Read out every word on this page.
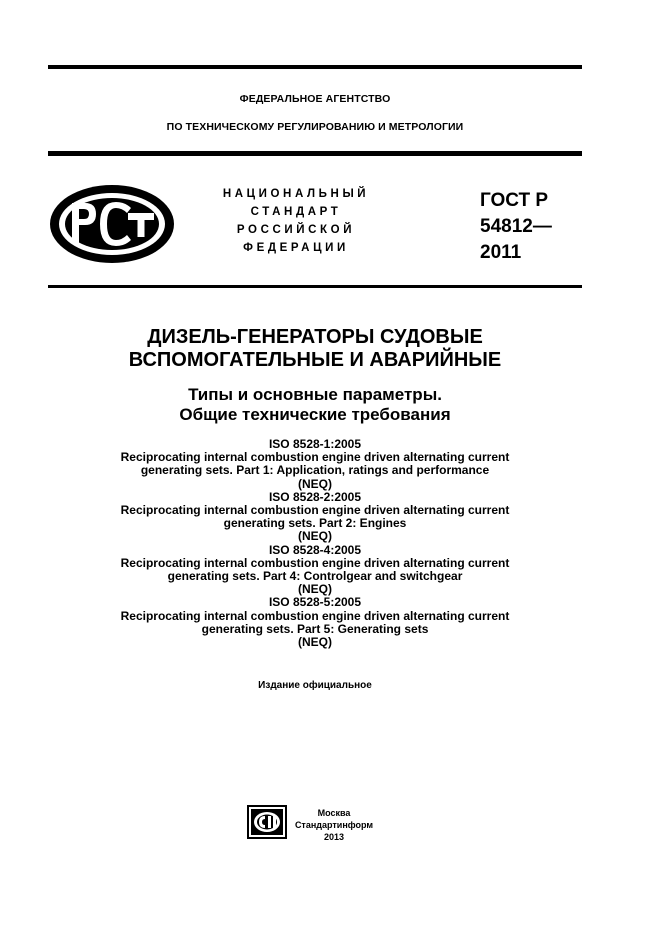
ФЕДЕРАЛЬНОЕ АГЕНТСТВО
ПО ТЕХНИЧЕСКОМУ РЕГУЛИРОВАНИЮ И МЕТРОЛОГИИ
НАЦИОНАЛЬНЫЙ
СТАНДАРТ
РОССИЙСКОЙ
ФЕДЕРАЦИИ
ГОСТ Р
54812—
2011
ДИЗЕЛЬ-ГЕНЕРАТОРЫ СУДОВЫЕ
ВСПОМОГАТЕЛЬНЫЕ И АВАРИЙНЫЕ
Типы и основные параметры.
Общие технические требования
ISO 8528-1:2005
Reciprocating internal combustion engine driven alternating current
generating sets. Part 1: Application, ratings and performance
(NEQ)
ISO 8528-2:2005
Reciprocating internal combustion engine driven alternating current
generating sets. Part 2: Engines
(NEQ)
ISO 8528-4:2005
Reciprocating internal combustion engine driven alternating current
generating sets. Part 4: Controlgear and switchgear
(NEQ)
ISO 8528-5:2005
Reciprocating internal combustion engine driven alternating current
generating sets. Part 5: Generating sets
(NEQ)
Издание официальное
Москва
Стандартинформ
2013
